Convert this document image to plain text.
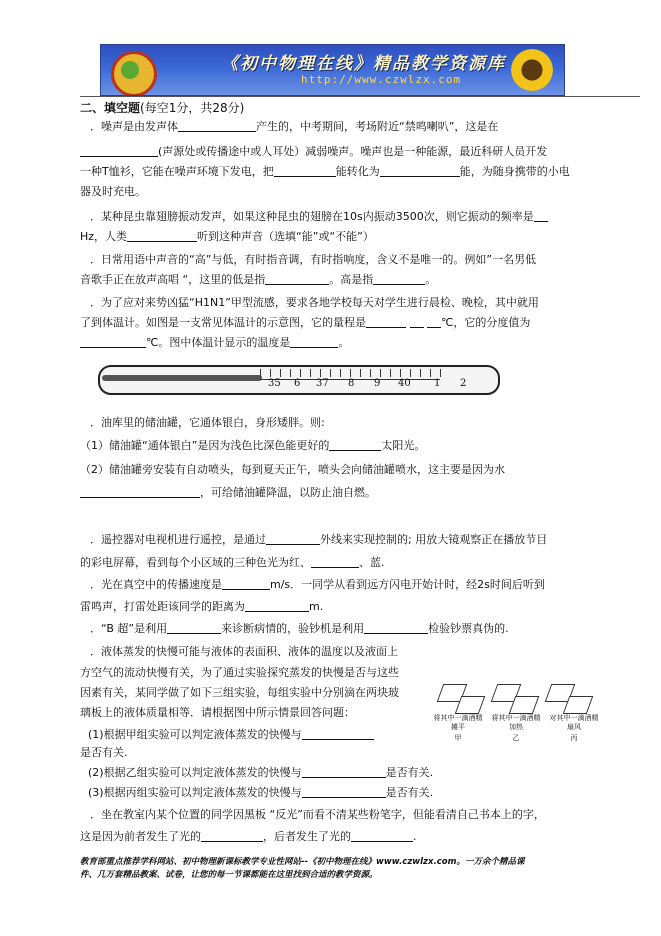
《初中物理在线》精品教学资源库
http://www.czwlzx.com
二、填空题(每空1分，共28分)
．噪声是由发声体	产生的，中考期间，考场附近“禁鸣喇叭”，这是在
(声源处或传播途中或人耳处）减弱噪声。噪声也是一种能源，最近科研人员开发
一种T恤衫，它能在噪声环境下发电，把	能转化为	能，为随身携带的小电
器及时充电。
．某种昆虫靠翅膀振动发声，如果这种昆虫的翅膀在10s内振动3500次，则它振动的频率是
Hz，人类	听到这种声音（选填“能”或“不能”）
．日常用语中声音的“高”与低，有时指音调，有时指响度，含义不是唯一的。例如”一名男低
音歌手正在放声高唱 “，这里的低是指	。高是指	。
．为了应对来势凶猛“H1N1”甲型流感，要求各地学校每天对学生进行晨检、晚检，其中就用
了到体温计。如图是一支常见体温计的示意图，它的量程是	℃，它的分度值为
℃。图中体温计显示的温度是	。
35 6 37 8 9 40 1 2
．油库里的储油罐，它通体银白，身形矮胖。则:
（1）储油罐“通体银白”是因为浅色比深色能更好的	太阳光。
（2）储油罐旁安装有自动喷头，每到夏天正午，喷头会向储油罐喷水，这主要是因为水
，可给储油罐降温，以防止油自燃。
．遥控器对电视机进行遥控，是通过	外线来实现控制的; 用放大镜观察正在播放节目
的彩电屏幕，看到每个小区域的三种色光为红、	、蓝.
．光在真空中的传播速度是	m/s．一同学从看到远方闪电开始计时，经2s时间后听到
雷鸣声，打雷处距该同学的距离为	m.
．“B 超”是利用	来诊断病情的，验钞机是利用	检验钞票真伪的.
．液体蒸发的快慢可能与液体的表面积、液体的温度以及液面上
方空气的流动快慢有关，为了通过实验探究蒸发的快慢是否与这些
因素有关，某同学做了如下三组实验，每组实验中分别滴在两块玻
璃板上的液体质量相等．请根据图中所示情景回答问题：
(1)根据甲组实验可以判定液体蒸发的快慢与
是否有关.
(2)根据乙组实验可以判定液体蒸发的快慢与	是否有关.
(3)根据丙组实验可以判定液体蒸发的快慢与	是否有关.
将其中一滴酒精摊平
将其中一滴酒精加热
对其中一滴酒精扇风
甲	乙	丙
．坐在教室内某个位置的同学因黑板 “反光”而看不清某些粉笔字，但能看清自己书本上的字，
这是因为前者发生了光的	，后者发生了光的	.
教育部重点推荐学科网站、初中物理新课标教学专业性网站--《初中物理在线》www.czwlzx.com。一万余个精品课
件、几万套精品教案、试卷，让您的每一节课都能在这里找到合适的教学资源。
